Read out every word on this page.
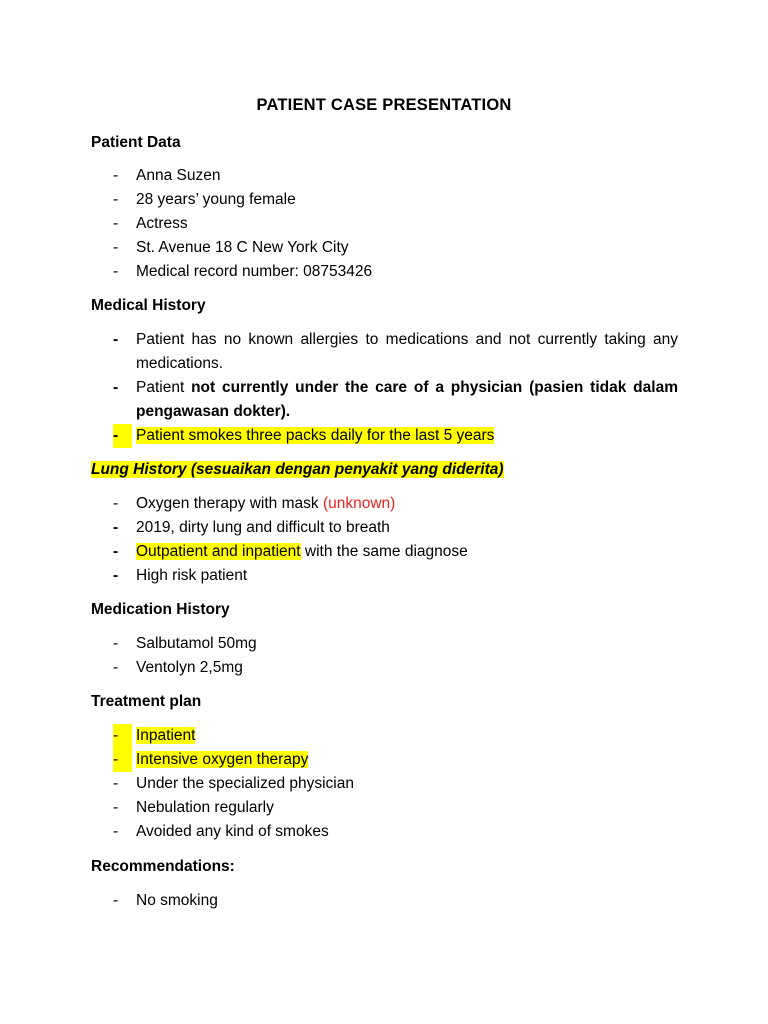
PATIENT CASE PRESENTATION
Patient Data
- Anna Suzen
- 28 years’ young female
- Actress
- St. Avenue 18 C New York City
- Medical record number: 08753426
Medical History
- Patient has no known allergies to medications and not currently taking any
medications.
- Patient not currently under the care of a physician (pasien tidak dalam
pengawasan dokter).
-	Patient smokes three packs daily for the last 5 years
Lung History (sesuaikan dengan penyakit yang diderita)
- Oxygen therapy with mask (unknown)
- 2019, dirty lung and difficult to breath
- Outpatient and inpatient with the same diagnose
- High risk patient
Medication History
- Salbutamol 50mg
- Ventolyn 2,5mg
Treatment plan
-	Inpatient
-	Intensive oxygen therapy
- Under the specialized physician
- Nebulation regularly
- Avoided any kind of smokes
Recommendations:
- No smoking
